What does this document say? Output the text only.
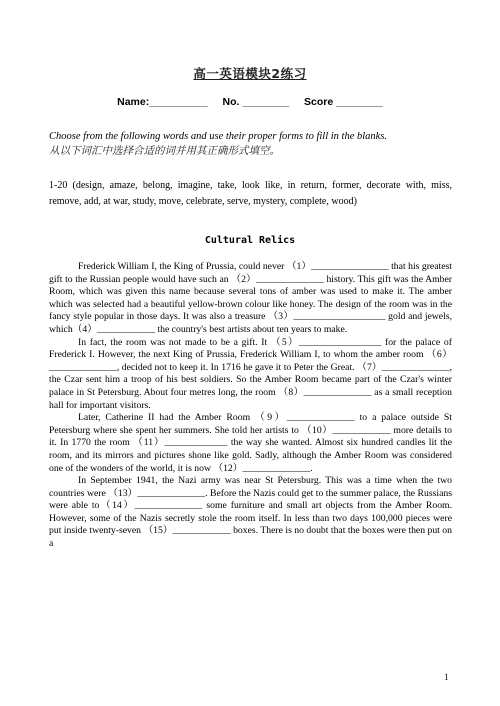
高一英语模块2练习
Name:__________ No. ________ Score ________
Choose from the following words and use their proper forms to fill in the blanks.
从以下词汇中选择合适的词并用其正确形式填空。
1-20 (design, amaze, belong, imagine, take, look like, in return, former, decorate with, miss, remove, add, at war, study, move, celebrate, serve, mystery, complete, wood)
Cultural Relics

Frederick William I, the King of Prussia, could never （1）________________ that his greatest gift to the Russian people would have such an （2）______________ history. This gift was the Amber Room, which was given this name because several tons of amber was used to make it. The amber which was selected had a beautiful yellow-brown colour like honey. The design of the room was in the fancy style popular in those days. It was also a treasure （3）___________________ gold and jewels, which（4）____________ the country's best artists about ten years to make.

In fact, the room was not made to be a gift. It （5）_________________ for the palace of Frederick I. However, the next King of Prussia, Frederick William I, to whom the amber room （6）______________, decided not to keep it. In 1716 he gave it to Peter the Great. （7）______________, the Czar sent him a troop of his best soldiers. So the Amber Room became part of the Czar's winter palace in St Petersburg. About four metres long, the room （8）______________ as a small reception hall for important visitors.

Later, Catherine II had the Amber Room （9）______________ to a palace outside St Petersburg where she spent her summers. She told her artists to （10）____________ more details to it. In 1770 the room （11）_____________ the way she wanted. Almost six hundred candles lit the room, and its mirrors and pictures shone like gold. Sadly, although the Amber Room was considered one of the wonders of the world, it is now （12）______________.

In September 1941, the Nazi army was near St Petersburg. This was a time when the two countries were （13）______________. Before the Nazis could get to the summer palace, the Russians were able to（14）______________ some furniture and small art objects from the Amber Room. However, some of the Nazis secretly stole the room itself. In less than two days 100,000 pieces were put inside twenty-seven （15）____________ boxes. There is no doubt that the boxes were then put on a

1
